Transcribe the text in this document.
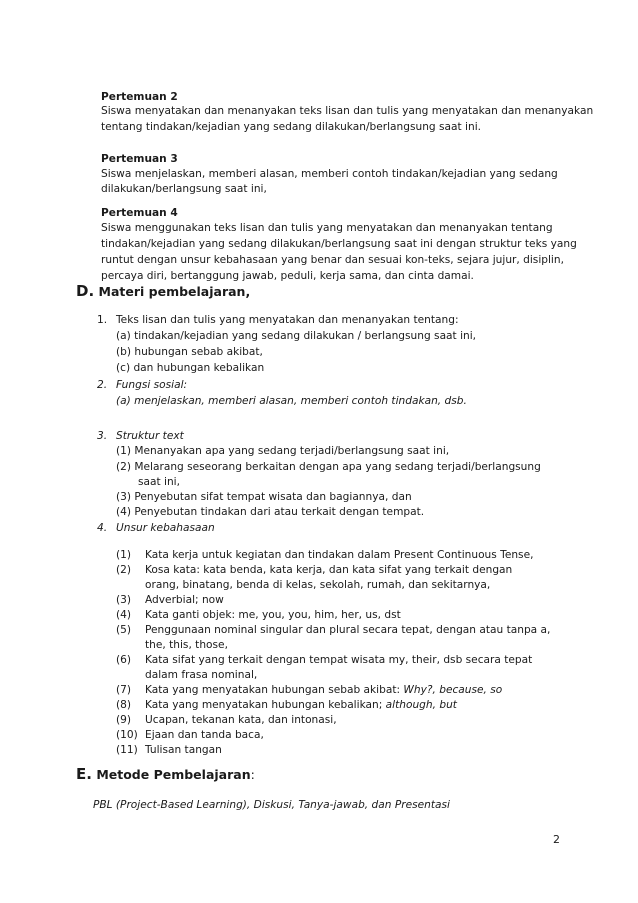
Pertemuan 2
Siswa menyatakan dan menanyakan teks lisan dan tulis yang menyatakan dan menanyakan
tentang tindakan/kejadian yang sedang dilakukan/berlangsung saat ini.
Pertemuan 3
Siswa menjelaskan, memberi alasan, memberi contoh tindakan/kejadian yang sedang
dilakukan/berlangsung saat ini,
Pertemuan 4
Siswa menggunakan teks lisan dan tulis yang menyatakan dan menanyakan tentang
tindakan/kejadian yang sedang dilakukan/berlangsung saat ini dengan struktur teks yang
runtut dengan unsur kebahasaan yang benar dan sesuai kon-teks, sejara jujur, disiplin,
percaya diri, bertanggung jawab, peduli, kerja sama, dan cinta damai.
D. Materi pembelajaran,
1. Teks lisan dan tulis yang menyatakan dan menanyakan tentang:
(a) tindakan/kejadian yang sedang dilakukan / berlangsung saat ini,
(b) hubungan sebab akibat,
(c) dan hubungan kebalikan
2. Fungsi sosial:
(a) menjelaskan, memberi alasan, memberi contoh tindakan, dsb.
3. Struktur text
(1) Menanyakan apa yang sedang terjadi/berlangsung saat ini,
(2) Melarang seseorang berkaitan dengan apa yang sedang terjadi/berlangsung
saat ini,
(3) Penyebutan sifat tempat wisata dan bagiannya, dan
(4) Penyebutan tindakan dari atau terkait dengan tempat.
4. Unsur kebahasaan
(1) Kata kerja untuk kegiatan dan tindakan dalam Present Continuous Tense,
(2) Kosa kata: kata benda, kata kerja, dan kata sifat yang terkait dengan
orang, binatang, benda di kelas, sekolah, rumah, dan sekitarnya,
(3) Adverbial; now
(4) Kata ganti objek: me, you, you, him, her, us, dst
(5) Penggunaan nominal singular dan plural secara tepat, dengan atau tanpa a,
the, this, those,
(6) Kata sifat yang terkait dengan tempat wisata my, their, dsb secara tepat
dalam frasa nominal,
(7) Kata yang menyatakan hubungan sebab akibat: Why?, because, so
(8) Kata yang menyatakan hubungan kebalikan; although, but
(9) Ucapan, tekanan kata, dan intonasi,
(10) Ejaan dan tanda baca,
(11) Tulisan tangan
E. Metode Pembelajaran:
PBL (Project-Based Learning), Diskusi, Tanya-jawab, dan Presentasi
2
